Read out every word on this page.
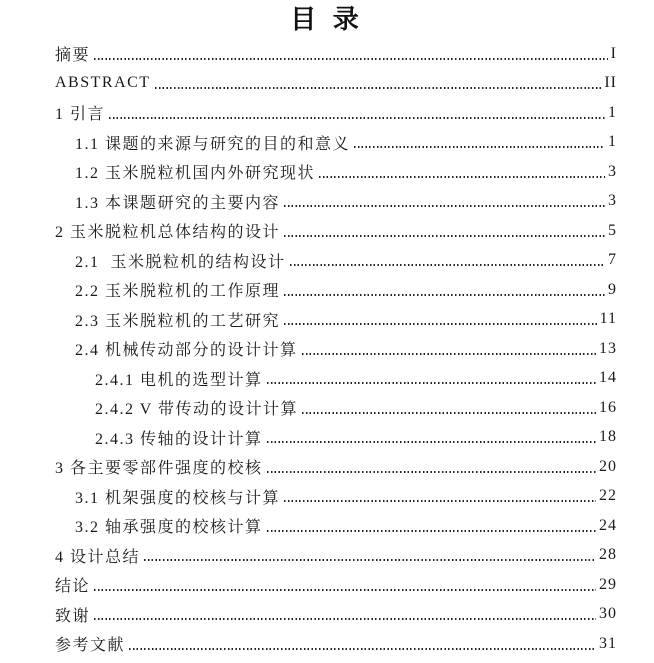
目 录
摘要	I
ABSTRACT	II
1 引言	1
1.1 课题的来源与研究的目的和意义	1
1.2 玉米脱粒机国内外研究现状	3
1.3 本课题研究的主要内容	3
2 玉米脱粒机总体结构的设计	5
2.1  玉米脱粒机的结构设计	7
2.2 玉米脱粒机的工作原理	9
2.3 玉米脱粒机的工艺研究	11
2.4 机械传动部分的设计计算	13
2.4.1 电机的选型计算	14
2.4.2 V 带传动的设计计算	16
2.4.3 传轴的设计计算	18
3 各主要零部件强度的校核	20
3.1 机架强度的校核与计算	22
3.2 轴承强度的校核计算	24
4 设计总结	28
结论	29
致谢	30
参考文献	31
